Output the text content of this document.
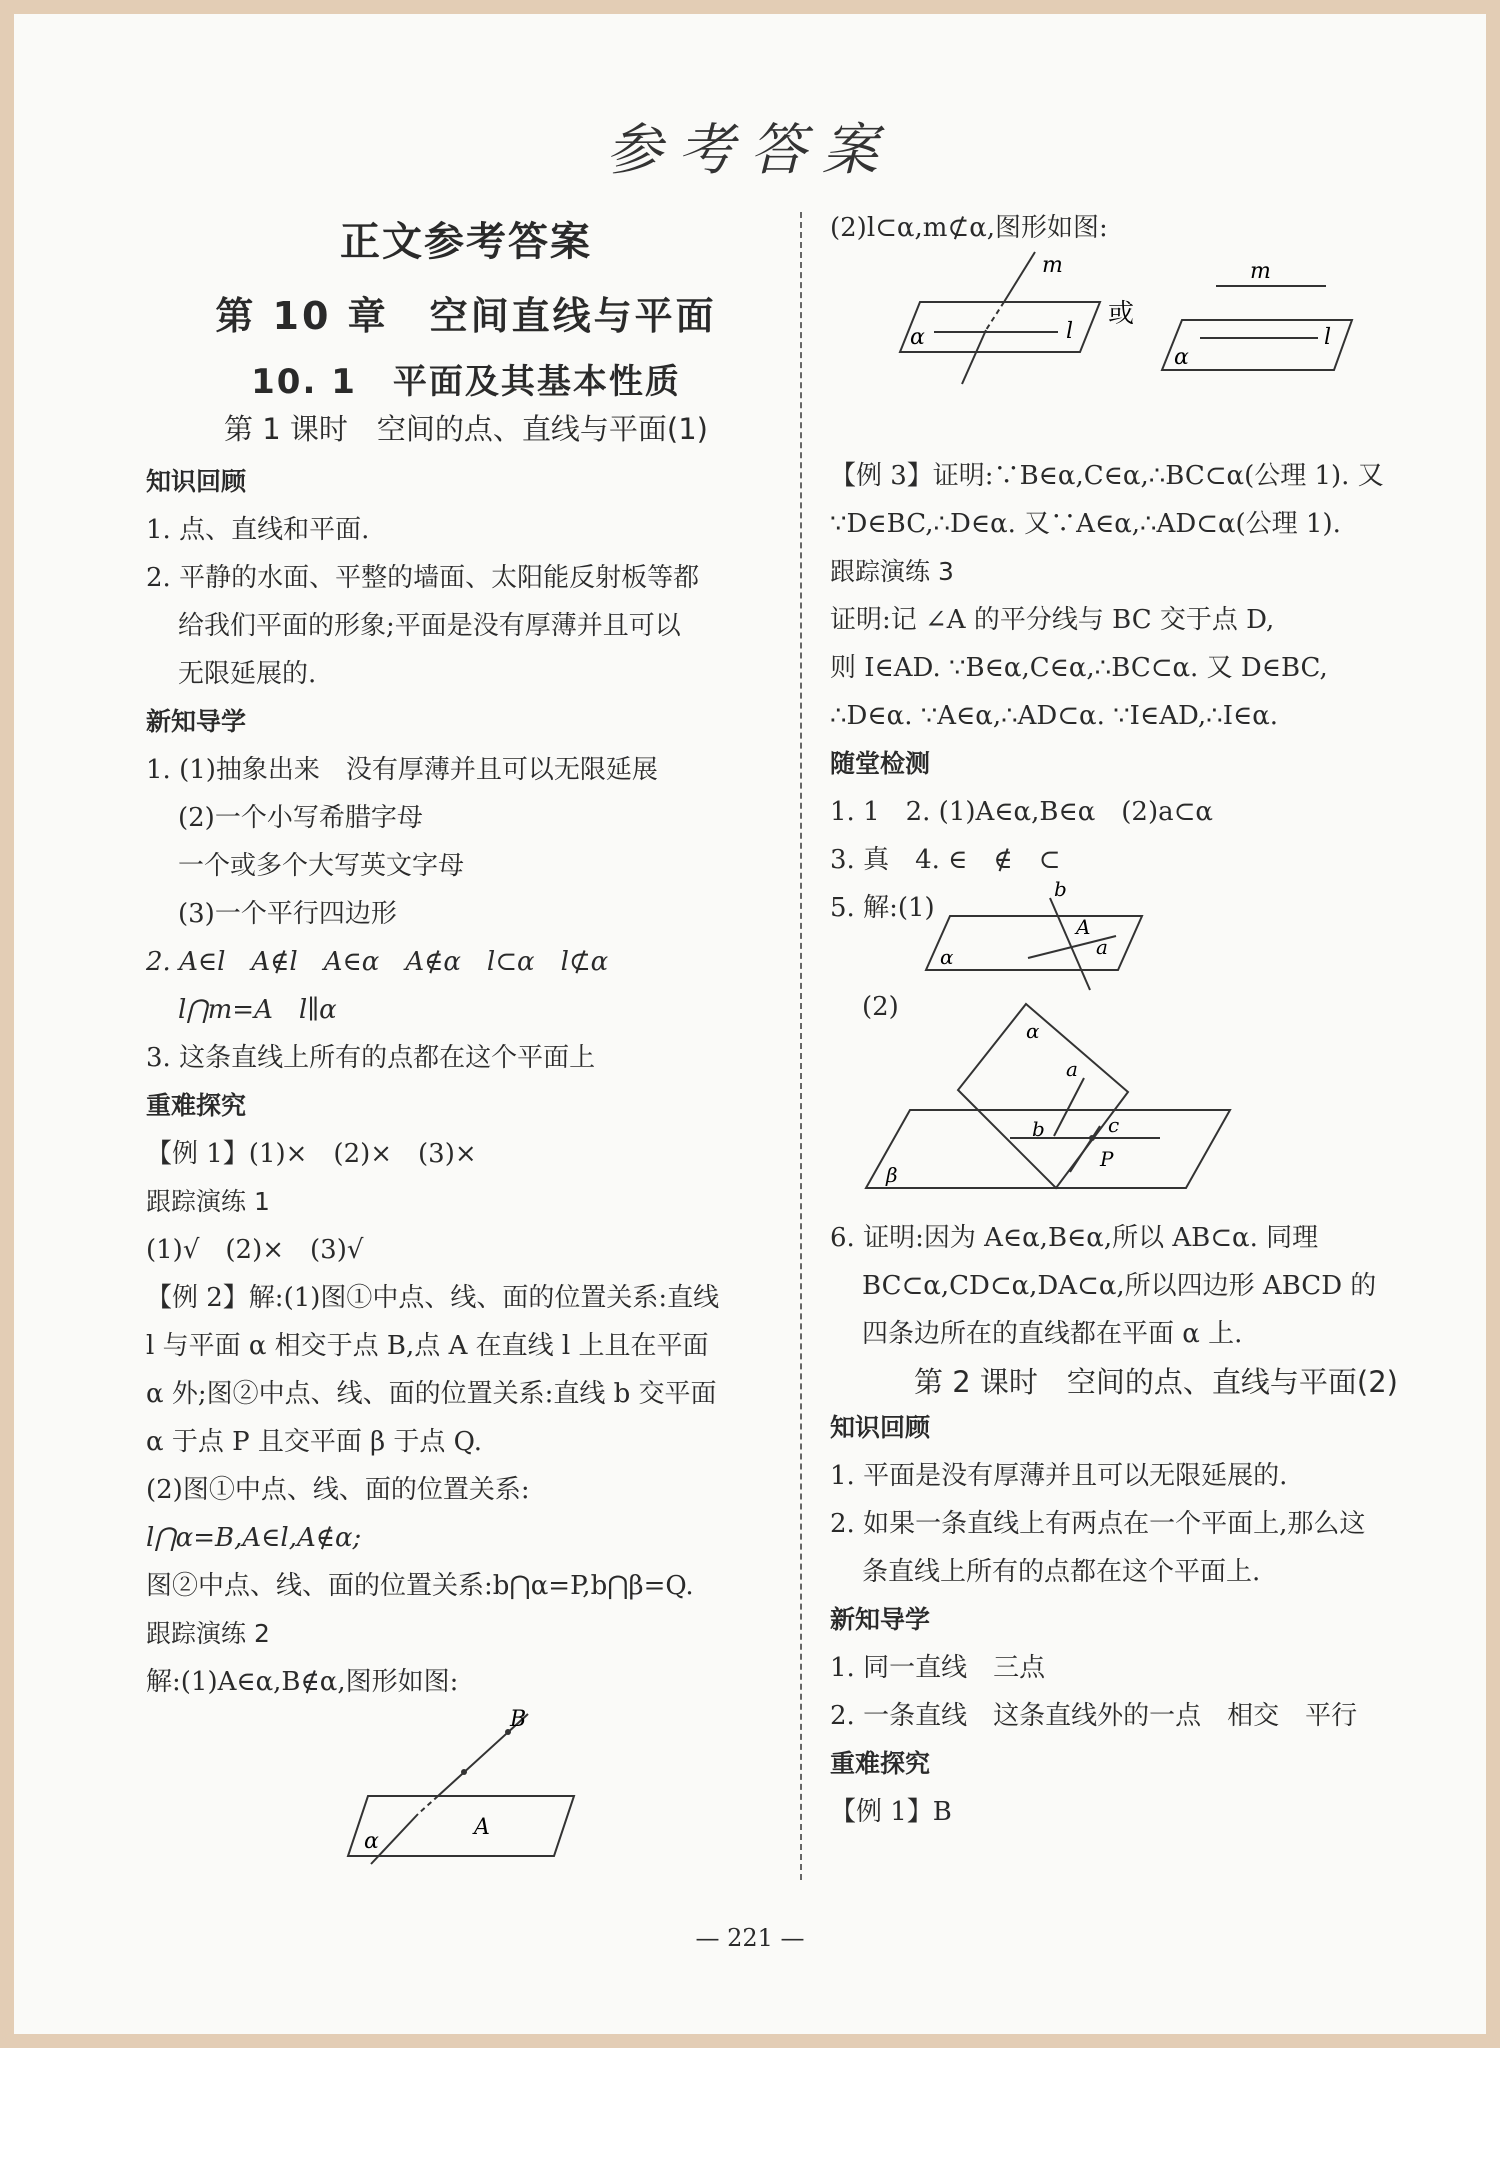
参考答案
正文参考答案
第 10 章　空间直线与平面
10. 1　平面及其基本性质
第 1 课时　空间的点、直线与平面(1)
知识回顾
1. 点、直线和平面.
2. 平静的水面、平整的墙面、太阳能反射板等都
给我们平面的形象;平面是没有厚薄并且可以
无限延展的.
新知导学
1. (1)抽象出来　没有厚薄并且可以无限延展
(2)一个小写希腊字母
一个或多个大写英文字母
(3)一个平行四边形
2. A∈l　A∉l　A∈α　A∉α　l⊂α　l⊄α
l⋂m=A　l∥α
3. 这条直线上所有的点都在这个平面上
重难探究
【例 1】(1)×　(2)×　(3)×
跟踪演练 1
(1)√　(2)×　(3)√
【例 2】解:(1)图①中点、线、面的位置关系:直线
l 与平面 α 相交于点 B,点 A 在直线 l 上且在平面
α 外;图②中点、线、面的位置关系:直线 b 交平面
α 于点 P 且交平面 β 于点 Q.
(2)图①中点、线、面的位置关系:
l⋂α=B,A∈l,A∉α;
图②中点、线、面的位置关系:b⋂α=P,b⋂β=Q.
跟踪演练 2
解:(1)A∈α,B∉α,图形如图:
B
A
α
(2)l⊂α,m⊄α,图形如图:
m
l
α
或
m
l
α
【例 3】证明:∵B∈α,C∈α,∴BC⊂α(公理 1). 又
∵D∈BC,∴D∈α. 又∵A∈α,∴AD⊂α(公理 1).
跟踪演练 3
证明:记 ∠A 的平分线与 BC 交于点 D,
则 I∈AD. ∵B∈α,C∈α,∴BC⊂α. 又 D∈BC,
∴D∈α. ∵A∈α,∴AD⊂α. ∵I∈AD,∴I∈α.
随堂检测
1. 1　2. (1)A∈α,B∈α　(2)a⊂α
3. 真　4. ∈　∉　⊂
5. 解:(1)
b
A
a
α
(2)
α
a
b	c
P
β
6. 证明:因为 A∈α,B∈α,所以 AB⊂α. 同理
BC⊂α,CD⊂α,DA⊂α,所以四边形 ABCD 的
四条边所在的直线都在平面 α 上.
第 2 课时　空间的点、直线与平面(2)
知识回顾
1. 平面是没有厚薄并且可以无限延展的.
2. 如果一条直线上有两点在一个平面上,那么这
条直线上所有的点都在这个平面上.
新知导学
1. 同一直线　三点
2. 一条直线　这条直线外的一点　相交　平行
重难探究
【例 1】B
— 221 —
